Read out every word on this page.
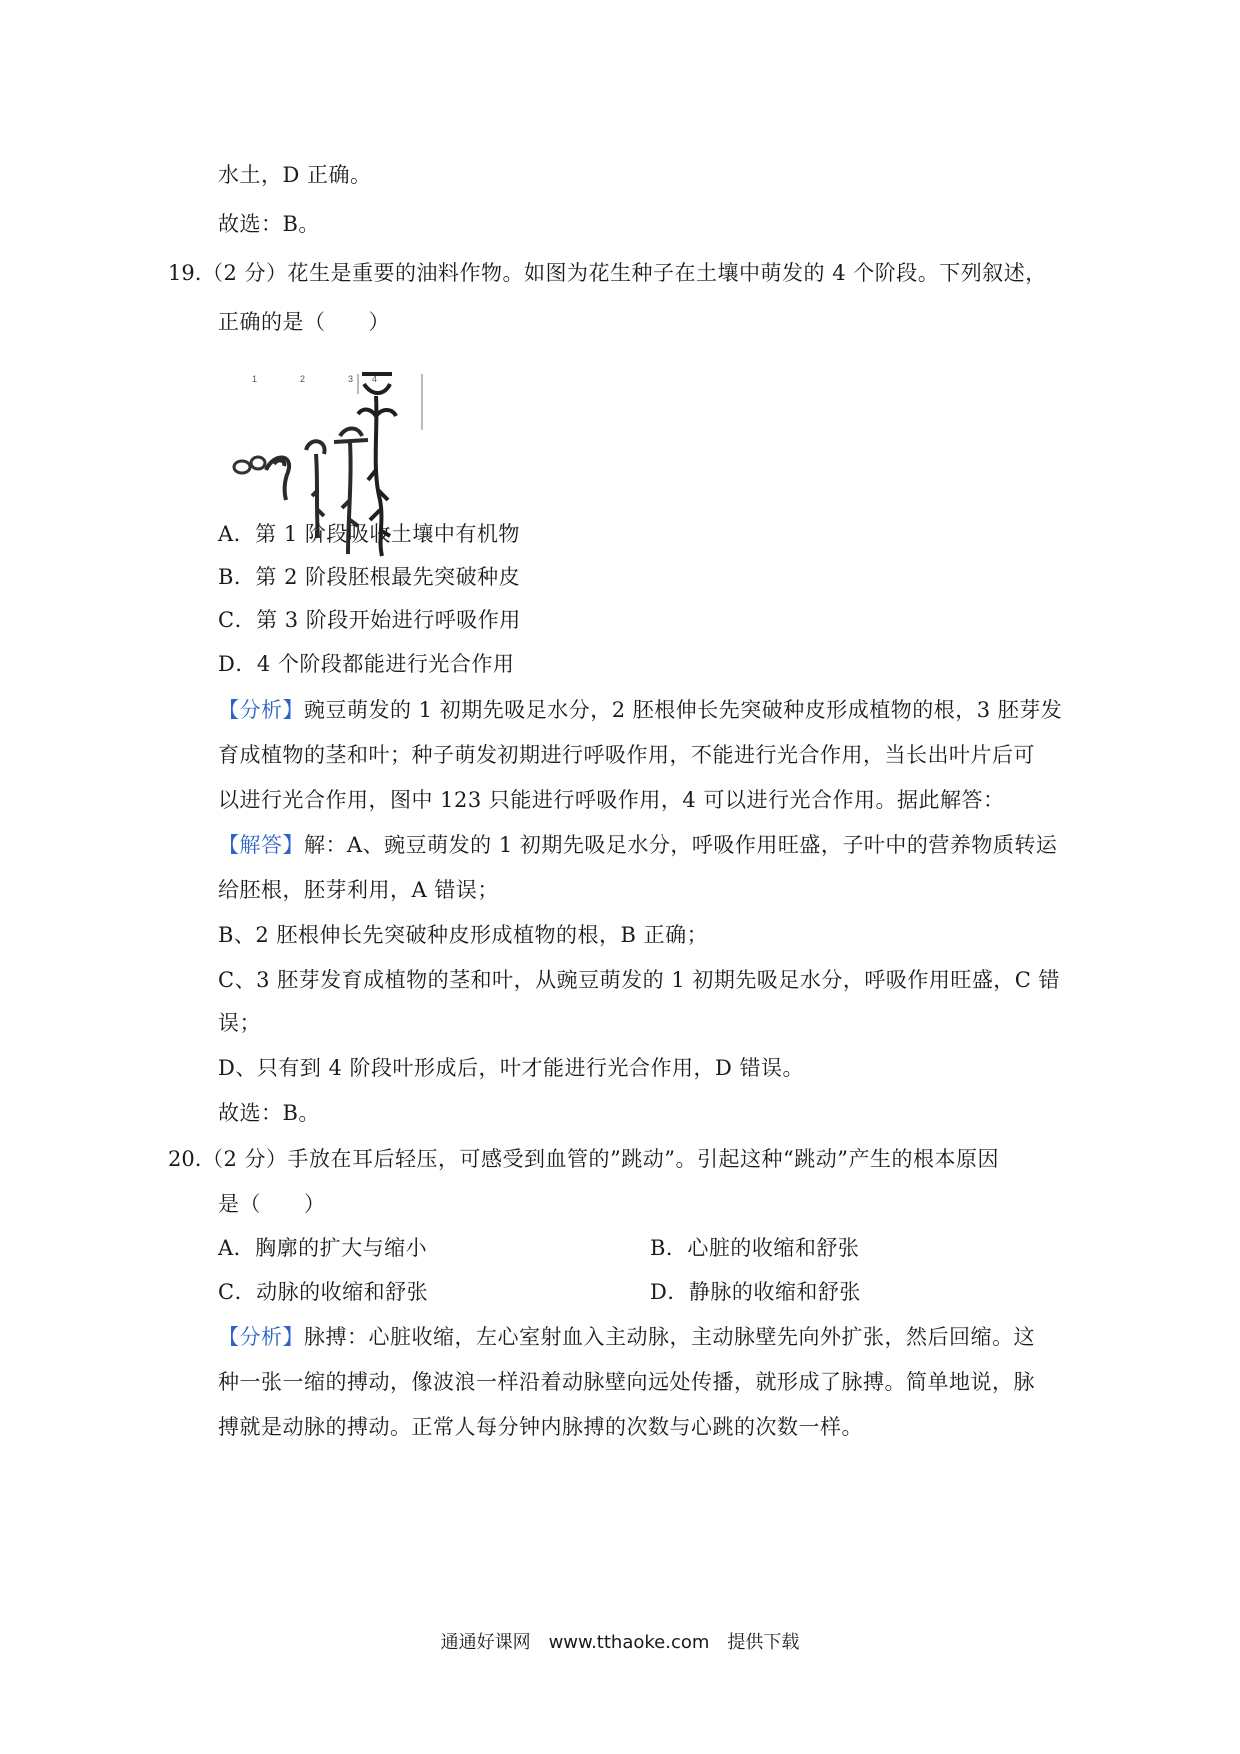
水土，D 正确。
故选：B。
19. （2 分）花生是重要的油料作物。如图为花生种子在土壤中萌发的 4 个阶段。下列叙述，
正确的是（　　）
1	2	3 4
A．第 1 阶段吸收土壤中有机物
B．第 2 阶段胚根最先突破种皮
C．第 3 阶段开始进行呼吸作用
D．4 个阶段都能进行光合作用
【分析】豌豆萌发的 1 初期先吸足水分，2 胚根伸长先突破种皮形成植物的根，3 胚芽发
育成植物的茎和叶；种子萌发初期进行呼吸作用，不能进行光合作用，当长出叶片后可
以进行光合作用，图中 123 只能进行呼吸作用，4 可以进行光合作用。据此解答：
【解答】解：A、豌豆萌发的 1 初期先吸足水分，呼吸作用旺盛，子叶中的营养物质转运
给胚根，胚芽利用，A 错误；
B、2 胚根伸长先突破种皮形成植物的根，B 正确；
C、3 胚芽发育成植物的茎和叶，从豌豆萌发的 1 初期先吸足水分，呼吸作用旺盛，C 错
误；
D、只有到 4 阶段叶形成后，叶才能进行光合作用，D 错误。
故选：B。
20. （2 分）手放在耳后轻压，可感受到血管的”跳动”。引起这种“跳动”产生的根本原因
是（　　）
A．胸廓的扩大与缩小	B．心脏的收缩和舒张
C．动脉的收缩和舒张	D．静脉的收缩和舒张
【分析】脉搏：心脏收缩，左心室射血入主动脉，主动脉壁先向外扩张，然后回缩。这
种一张一缩的搏动，像波浪一样沿着动脉壁向远处传播，就形成了脉搏。简单地说，脉
搏就是动脉的搏动。正常人每分钟内脉搏的次数与心跳的次数一样。
通通好课网　www.tthaoke.com　提供下载
